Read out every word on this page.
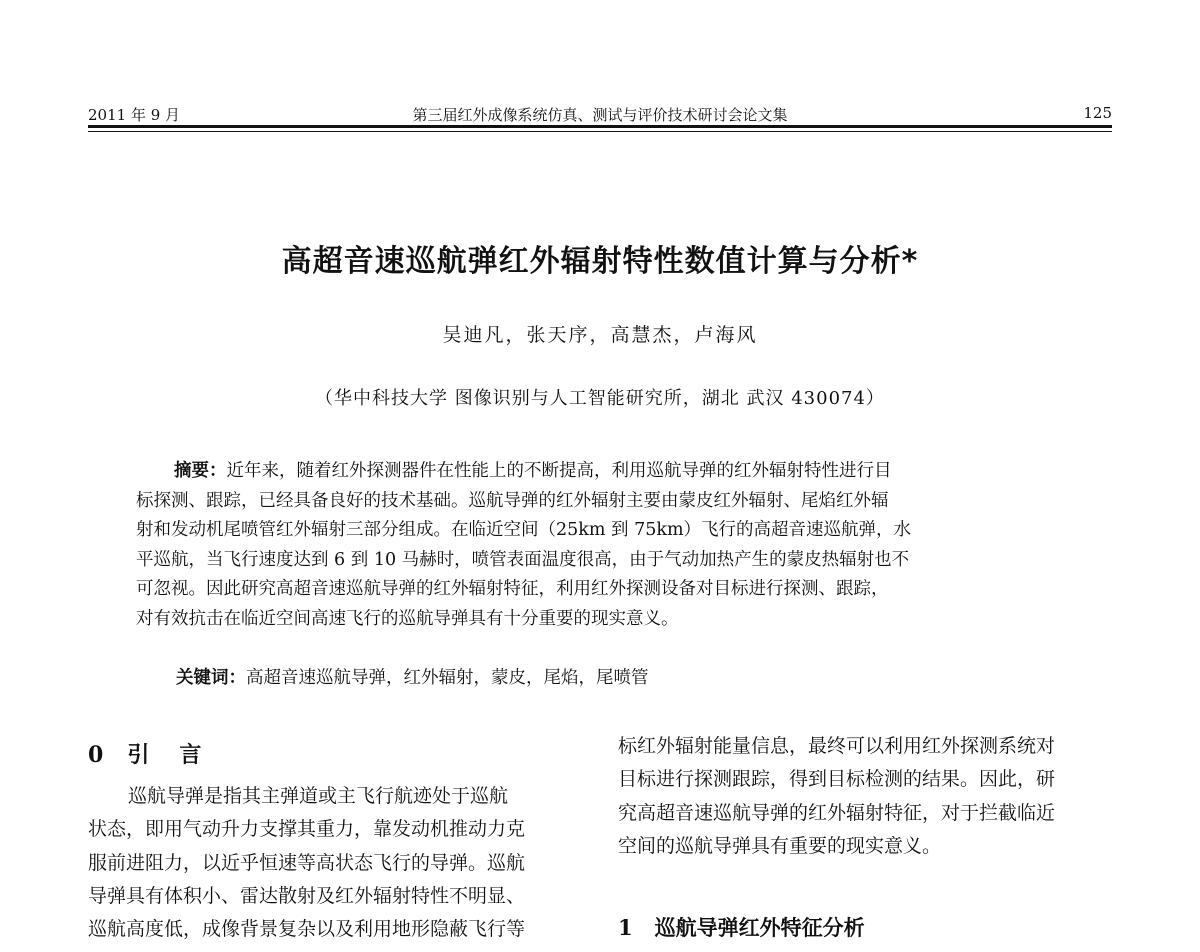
2011 年 9 月	第三届红外成像系统仿真、测试与评价技术研讨会论文集	125
高超音速巡航弹红外辐射特性数值计算与分析*
吴迪凡，张天序，高慧杰，卢海风
（华中科技大学 图像识别与人工智能研究所，湖北 武汉 430074）
摘要：近年来，随着红外探测器件在性能上的不断提高，利用巡航导弹的红外辐射特性进行目
标探测、跟踪，已经具备良好的技术基础。巡航导弹的红外辐射主要由蒙皮红外辐射、尾焰红外辐
射和发动机尾喷管红外辐射三部分组成。在临近空间（25km 到 75km）飞行的高超音速巡航弹，水
平巡航，当飞行速度达到 6 到 10 马赫时，喷管表面温度很高，由于气动加热产生的蒙皮热辐射也不
可忽视。因此研究高超音速巡航导弹的红外辐射特征，利用红外探测设备对目标进行探测、跟踪，
对有效抗击在临近空间高速飞行的巡航导弹具有十分重要的现实意义。
关键词：高超音速巡航导弹，红外辐射，蒙皮，尾焰，尾喷管
0 引 言
巡航导弹是指其主弹道或主飞行航迹处于巡航
状态，即用气动升力支撑其重力，靠发动机推动力克
服前进阻力，以近乎恒速等高状态飞行的导弹。巡航
导弹具有体积小、雷达散射及红外辐射特性不明显、
巡航高度低，成像背景复杂以及利用地形隐蔽飞行等
标红外辐射能量信息，最终可以利用红外探测系统对
目标进行探测跟踪，得到目标检测的结果。因此，研
究高超音速巡航导弹的红外辐射特征，对于拦截临近
空间的巡航导弹具有重要的现实意义。
1 巡航导弹红外特征分析
